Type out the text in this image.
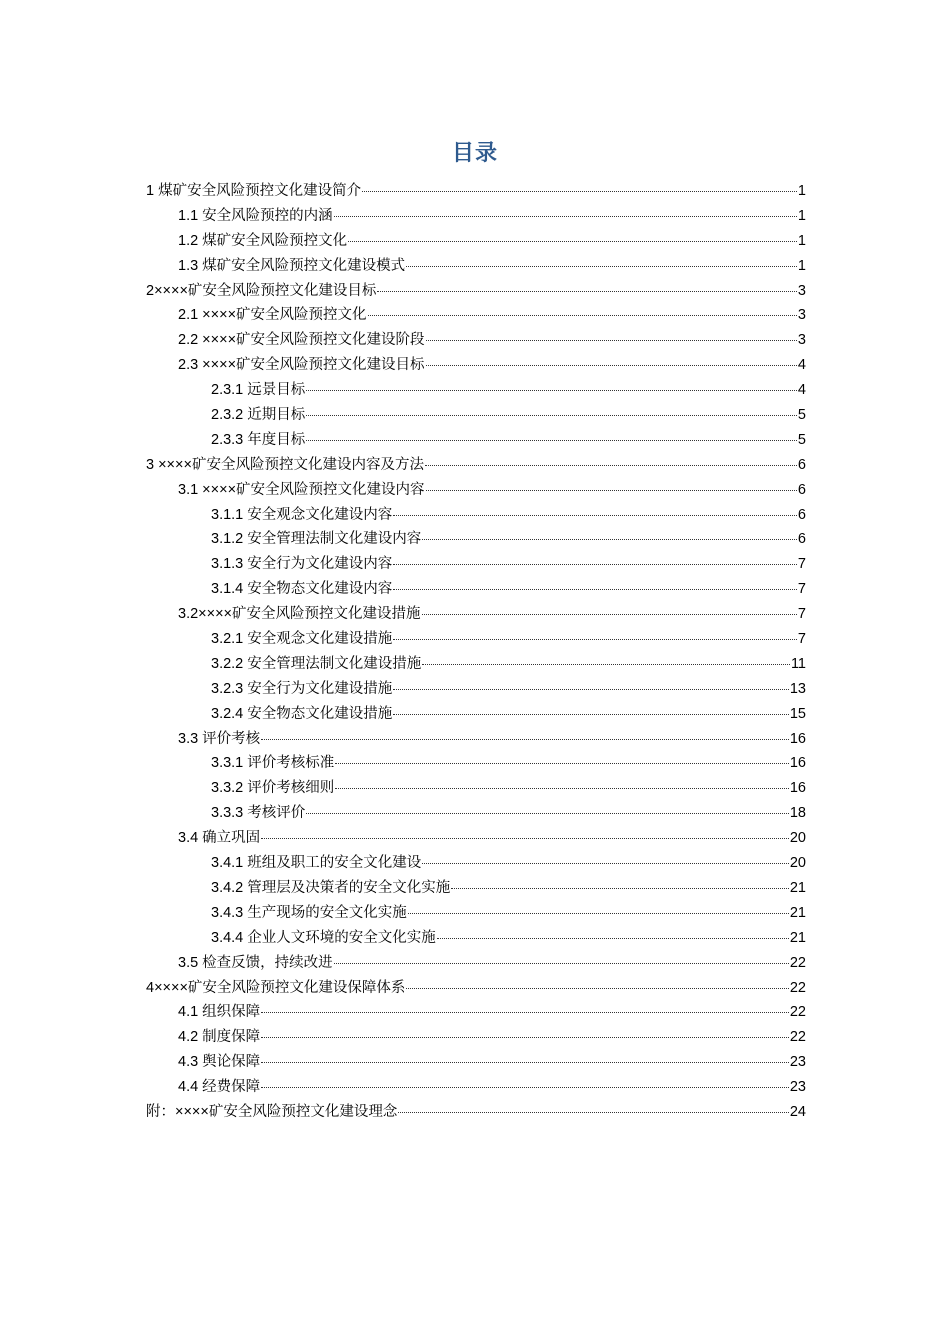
目录
1 煤矿安全风险预控文化建设简介	1
1.1 安全风险预控的内涵	1
1.2 煤矿安全风险预控文化	1
1.3 煤矿安全风险预控文化建设模式	1
2××××矿安全风险预控文化建设目标	3
2.1 ××××矿安全风险预控文化	3
2.2 ××××矿安全风险预控文化建设阶段	3
2.3 ××××矿安全风险预控文化建设目标	4
2.3.1 远景目标	4
2.3.2 近期目标	5
2.3.3 年度目标	5
3 ××××矿安全风险预控文化建设内容及方法	6
3.1 ××××矿安全风险预控文化建设内容	6
3.1.1 安全观念文化建设内容	6
3.1.2 安全管理法制文化建设内容	6
3.1.3 安全行为文化建设内容	7
3.1.4 安全物态文化建设内容	7
3.2××××矿安全风险预控文化建设措施	7
3.2.1 安全观念文化建设措施	7
3.2.2 安全管理法制文化建设措施	11
3.2.3 安全行为文化建设措施	13
3.2.4 安全物态文化建设措施	15
3.3 评价考核	16
3.3.1 评价考核标准	16
3.3.2 评价考核细则	16
3.3.3 考核评价	18
3.4 确立巩固	20
3.4.1 班组及职工的安全文化建设	20
3.4.2 管理层及决策者的安全文化实施	21
3.4.3 生产现场的安全文化实施	21
3.4.4 企业人文环境的安全文化实施	21
3.5 检查反馈，持续改进	22
4××××矿安全风险预控文化建设保障体系	22
4.1 组织保障	22
4.2 制度保障	22
4.3 舆论保障	23
4.4 经费保障	23
附：××××矿安全风险预控文化建设理念	24
